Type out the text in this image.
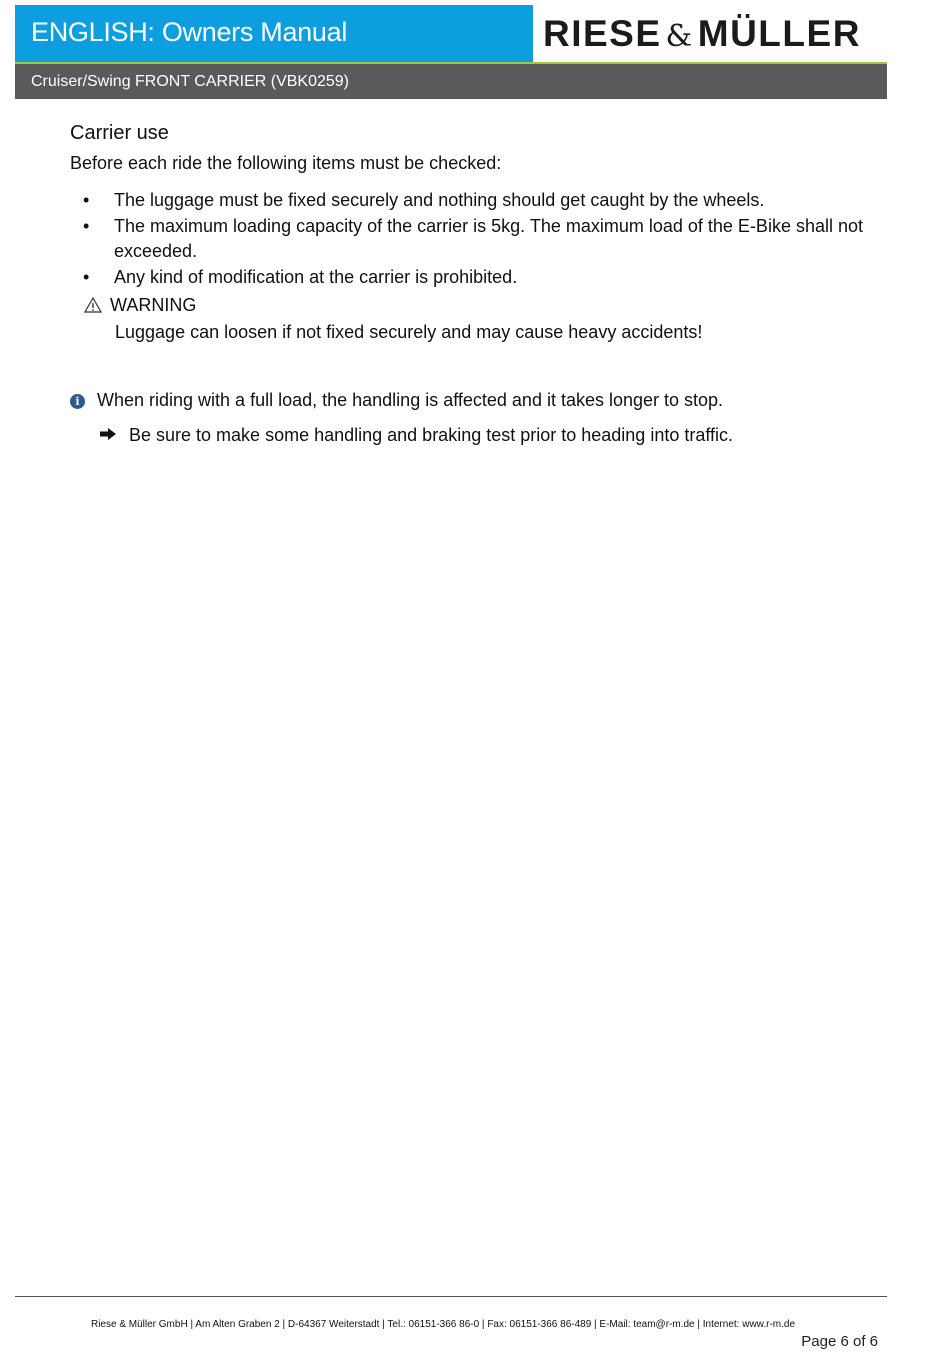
ENGLISH: Owners Manual	RIESE & MÜLLER
Cruiser/Swing FRONT CARRIER (VBK0259)
Carrier use
Before each ride the following items must be checked:
• The luggage must be fixed securely and nothing should get caught by the wheels.
• The maximum loading capacity of the carrier is 5kg. The maximum load of the E-Bike shall not exceeded.
• Any kind of modification at the carrier is prohibited.
WARNING
Luggage can loosen if not fixed securely and may cause heavy accidents!
i When riding with a full load, the handling is affected and it takes longer to stop.
Be sure to make some handling and braking test prior to heading into traffic.
Riese & Müller GmbH | Am Alten Graben 2 | D-64367 Weiterstadt | Tel.: 06151-366 86-0 | Fax: 06151-366 86-489 | E-Mail: team@r-m.de | Internet: www.r-m.de
Page 6 of 6
